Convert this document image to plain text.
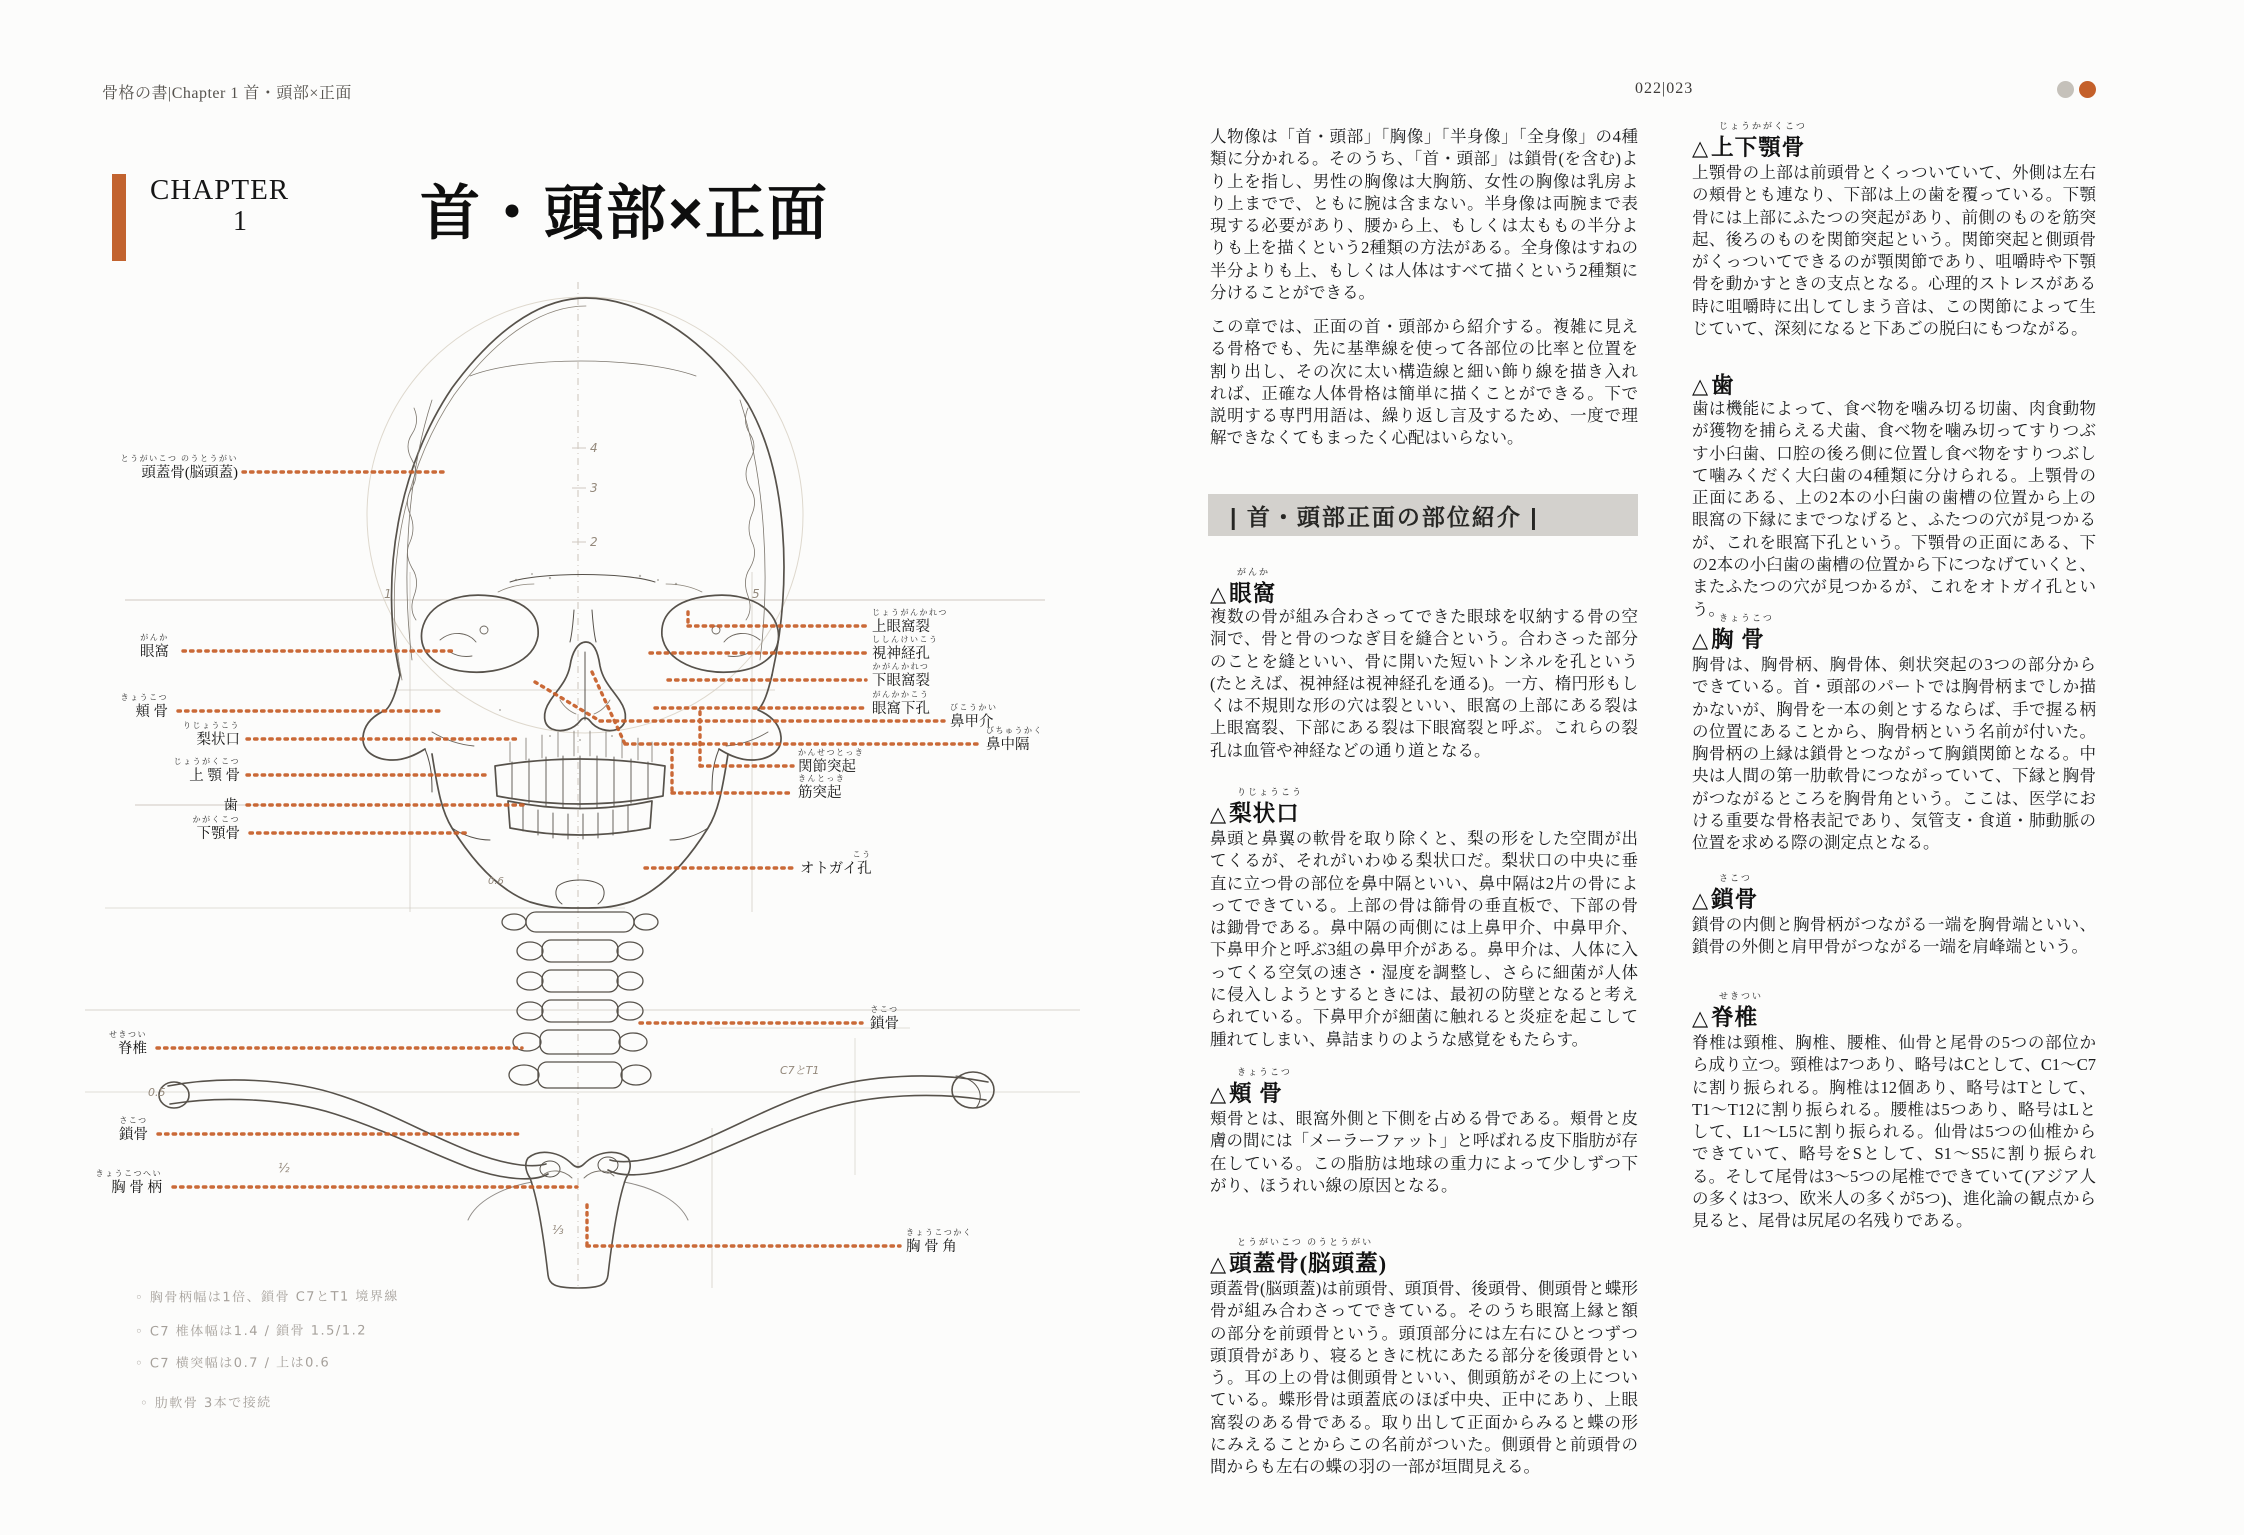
骨格の書|Chapter 1 首・頭部×正面	022|023
CHAPTER
1	首・頭部×正面
4
3
2
1	5
C7とT1
0.5
½
⅓
0.6
とうがいこつ のうとうがい
頭蓋骨(脳頭蓋)
がんか
眼窩
きょうこつ
頬 骨
りじょうこう
梨状口
じょうがくこつ
上 顎 骨
歯
かがくこつ
下顎骨
せきつい
脊椎
さこつ
鎖骨
きょうこつへい
胸 骨 柄
じょうがんかれつ
上眼窩裂
ししんけいこう
視神経孔
かがんかれつ
下眼窩裂
がんかかこう
眼窩下孔	びこうかい
鼻甲介
びちゅうかく
鼻中隔
かんせつとっき
関節突起
きんとっき
筋突起
こう
オトガイ孔
さこつ
鎖骨
きょうこつかく
胸 骨 角
◦ 胸骨柄幅は1倍、鎖骨 C7とT1 境界線
◦ C7 椎体幅は1.4 / 鎖骨 1.5/1.2
◦ C7 横突幅は0.7 / 上は0.6
◦ 肋軟骨 3本で接続
人物像は「首・頭部」「胸像」「半身像」「全身像」の4種類に分かれる。そのうち、「首・頭部」は鎖骨(を含む)より上を指し、男性の胸像は大胸筋、女性の胸像は乳房より上までで、ともに腕は含まない。半身像は両腕まで表現する必要があり、腰から上、もしくは太ももの半分よりも上を描くという2種類の方法がある。全身像はすねの半分よりも上、もしくは人体はすべて描くという2種類に分けることができる。
この章では、正面の首・頭部から紹介する。複雑に見える骨格でも、先に基準線を使って各部位の比率と位置を割り出し、その次に太い構造線と細い飾り線を描き入れれば、正確な人体骨格は簡単に描くことができる。下で説明する専門用語は、繰り返し言及するため、一度で理解できなくてもまったく心配はいらない。
| 首・頭部正面の部位紹介 |
がんか
△眼窩
複数の骨が組み合わさってできた眼球を収納する骨の空洞で、骨と骨のつなぎ目を縫合という。合わさった部分のことを縫といい、骨に開いた短いトンネルを孔という(たとえば、視神経は視神経孔を通る)。一方、楕円形もしくは不規則な形の穴は裂といい、眼窩の上部にある裂は上眼窩裂、下部にある裂は下眼窩裂と呼ぶ。これらの裂孔は血管や神経などの通り道となる。
りじょうこう
△梨状口
鼻頭と鼻翼の軟骨を取り除くと、梨の形をした空間が出てくるが、それがいわゆる梨状口だ。梨状口の中央に垂直に立つ骨の部位を鼻中隔といい、鼻中隔は2片の骨によってできている。上部の骨は篩骨の垂直板で、下部の骨は鋤骨である。鼻中隔の両側には上鼻甲介、中鼻甲介、下鼻甲介と呼ぶ3組の鼻甲介がある。鼻甲介は、人体に入ってくる空気の速さ・湿度を調整し、さらに細菌が人体に侵入しようとするときには、最初の防壁となると考えられている。下鼻甲介が細菌に触れると炎症を起こして腫れてしまい、鼻詰まりのような感覚をもたらす。
きょうこつ
△頬 骨
頬骨とは、眼窩外側と下側を占める骨である。頬骨と皮膚の間には「メーラーファット」と呼ばれる皮下脂肪が存在している。この脂肪は地球の重力によって少しずつ下がり、ほうれい線の原因となる。
とうがいこつ のうとうがい
△頭蓋骨(脳頭蓋)
頭蓋骨(脳頭蓋)は前頭骨、頭頂骨、後頭骨、側頭骨と蝶形骨が組み合わさってできている。そのうち眼窩上縁と額の部分を前頭骨という。頭頂部分には左右にひとつずつ頭頂骨があり、寝るときに枕にあたる部分を後頭骨という。耳の上の骨は側頭骨といい、側頭筋がその上についている。蝶形骨は頭蓋底のほぼ中央、正中にあり、上眼窩裂のある骨である。取り出して正面からみると蝶の形にみえることからこの名前がついた。側頭骨と前頭骨の間からも左右の蝶の羽の一部が垣間見える。
じょうかがくこつ
△上下顎骨
上顎骨の上部は前頭骨とくっついていて、外側は左右の頬骨とも連なり、下部は上の歯を覆っている。下顎骨には上部にふたつの突起があり、前側のものを筋突起、後ろのものを関節突起という。関節突起と側頭骨がくっついてできるのが顎関節であり、咀嚼時や下顎骨を動かすときの支点となる。心理的ストレスがある時に咀嚼時に出してしまう音は、この関節によって生じていて、深刻になると下あごの脱臼にもつながる。
△歯
歯は機能によって、食べ物を噛み切る切歯、肉食動物が獲物を捕らえる犬歯、食べ物を噛み切ってすりつぶす小臼歯、口腔の後ろ側に位置し食べ物をすりつぶして噛みくだく大臼歯の4種類に分けられる。上顎骨の正面にある、上の2本の小臼歯の歯槽の位置から上の眼窩の下縁にまでつなげると、ふたつの穴が見つかるが、これを眼窩下孔という。下顎骨の正面にある、下の2本の小臼歯の歯槽の位置から下につなげていくと、またふたつの穴が見つかるが、これをオトガイ孔という。
きょうこつ
△胸 骨
胸骨は、胸骨柄、胸骨体、剣状突起の3つの部分からできている。首・頭部のパートでは胸骨柄までしか描かないが、胸骨を一本の剣とするならば、手で握る柄の位置にあることから、胸骨柄という名前が付いた。胸骨柄の上縁は鎖骨とつながって胸鎖関節となる。中央は人間の第一肋軟骨につながっていて、下縁と胸骨がつながるところを胸骨角という。ここは、医学における重要な骨格表記であり、気管支・食道・肺動脈の位置を求める際の測定点となる。
さこつ
△鎖骨
鎖骨の内側と胸骨柄がつながる一端を胸骨端といい、鎖骨の外側と肩甲骨がつながる一端を肩峰端という。
せきつい
△脊椎
脊椎は頸椎、胸椎、腰椎、仙骨と尾骨の5つの部位から成り立つ。頸椎は7つあり、略号はCとして、C1〜C7に割り振られる。胸椎は12個あり、略号はTとして、T1〜T12に割り振られる。腰椎は5つあり、略号はLとして、L1〜L5に割り振られる。仙骨は5つの仙椎からできていて、略号をSとして、S1〜S5に割り振られる。そして尾骨は3〜5つの尾椎でできていて(アジア人の多くは3つ、欧米人の多くが5つ)、進化論の観点から見ると、尾骨は尻尾の名残りである。
